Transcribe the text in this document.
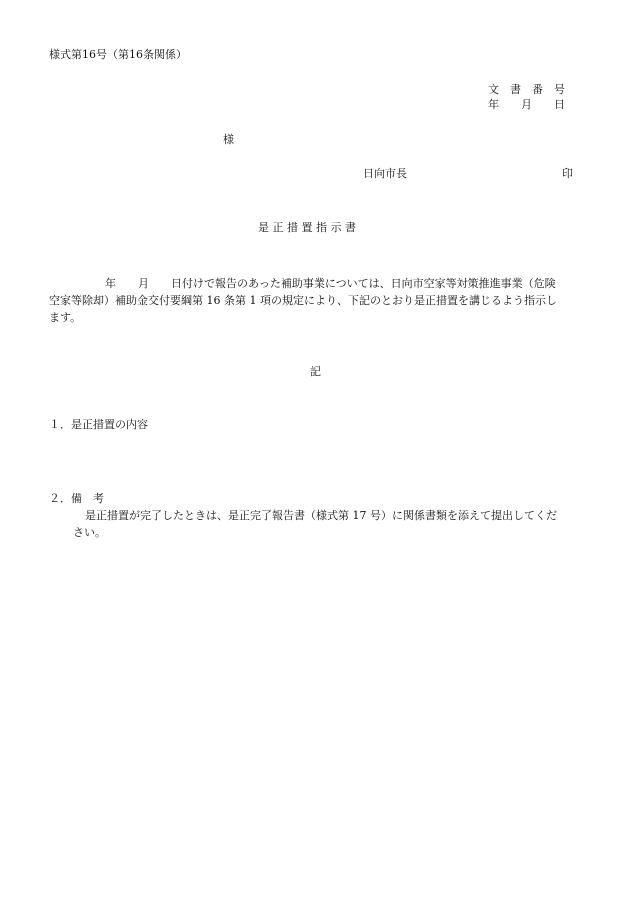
様式第16号（第16条関係）
文　書　番　号
年　　月　　日
様
日向市長	印
是 正 措 置 指 示 書
年　　月　　日付けで報告のあった補助事業については、日向市空家等対策推進事業（危険
空家等除却）補助金交付要綱第 16 条第 1 項の規定により、下記のとおり是正措置を講じるよう指示し
ます。
記
１．是正措置の内容
２．備　考
是正措置が完了したときは、是正完了報告書（様式第 17 号）に関係書類を添えて提出してくだ
さい。
